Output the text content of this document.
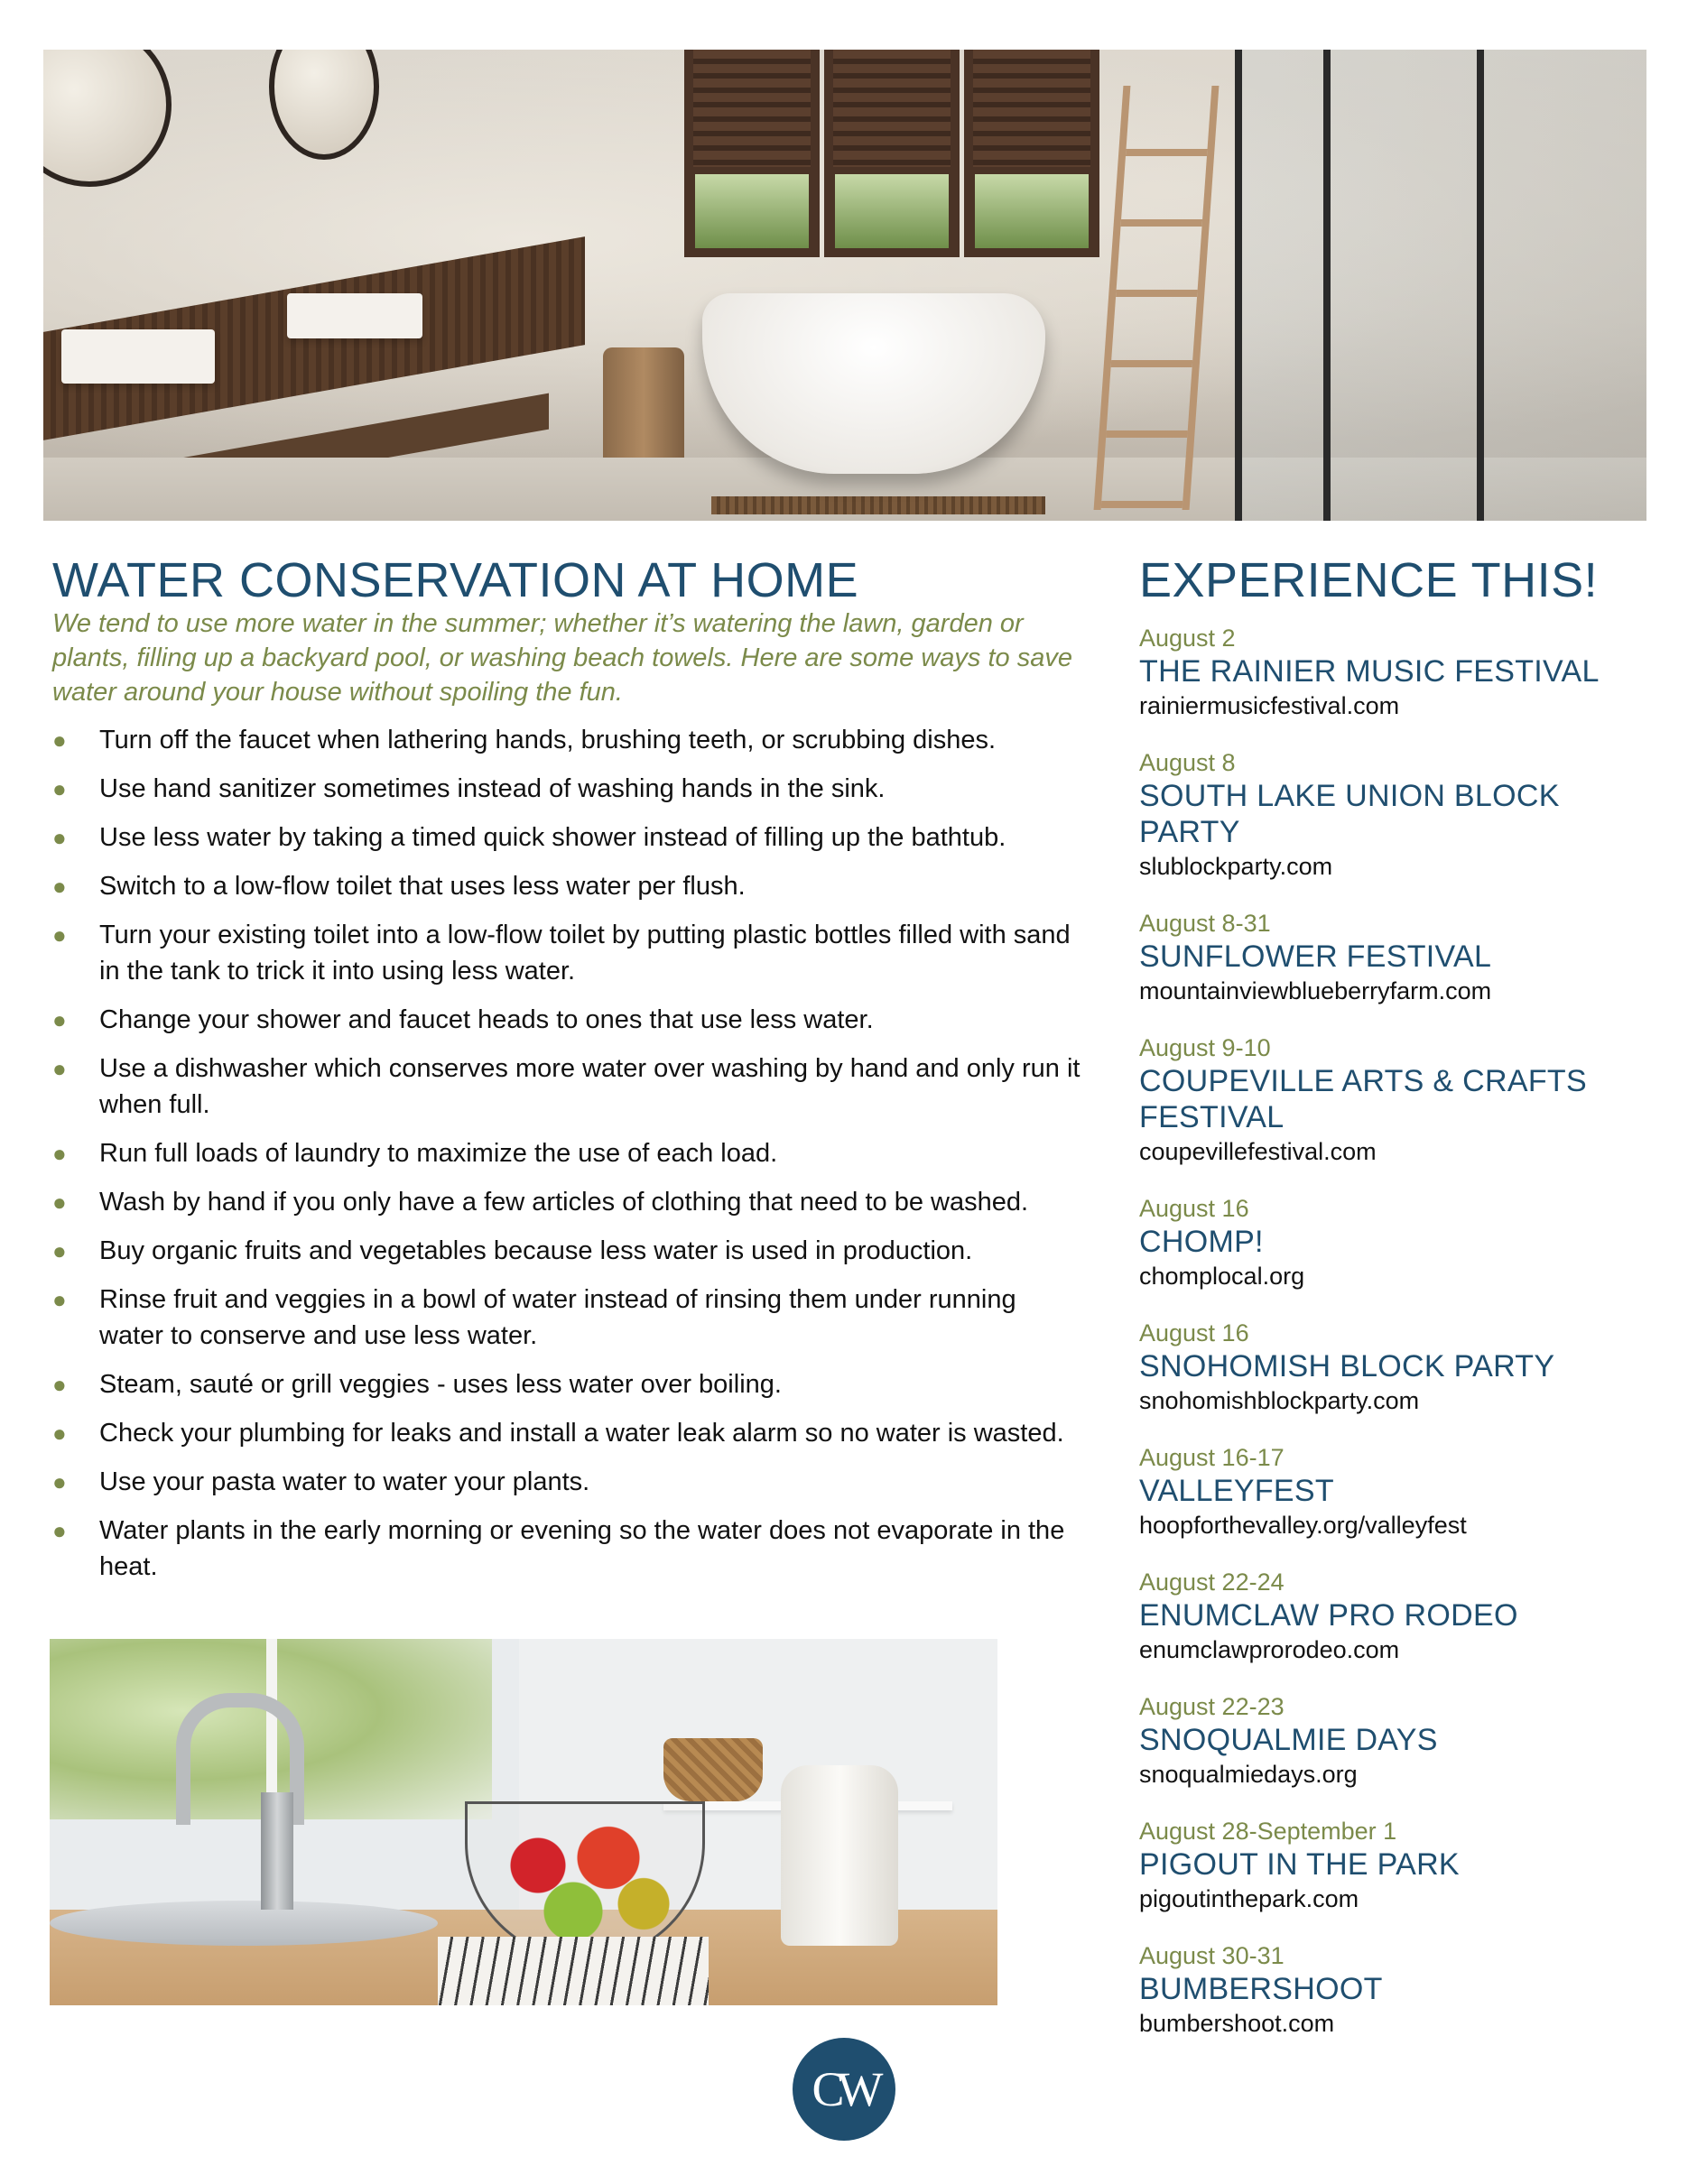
WATER CONSERVATION AT HOME

We tend to use more water in the summer; whether it’s watering the lawn, garden or plants, filling up a backyard pool, or washing beach towels. Here are some ways to save water around your house without spoiling the fun.

● Turn off the faucet when lathering hands, brushing teeth, or scrubbing dishes.
● Use hand sanitizer sometimes instead of washing hands in the sink.
● Use less water by taking a timed quick shower instead of filling up the bathtub.
● Switch to a low-flow toilet that uses less water per flush.
● Turn your existing toilet into a low-flow toilet by putting plastic bottles filled with sand in the tank to trick it into using less water.
● Change your shower and faucet heads to ones that use less water.
● Use a dishwasher which conserves more water over washing by hand and only run it when full.
● Run full loads of laundry to maximize the use of each load.
● Wash by hand if you only have a few articles of clothing that need to be washed.
● Buy organic fruits and vegetables because less water is used in production.
● Rinse fruit and veggies in a bowl of water instead of rinsing them under running water to conserve and use less water.
● Steam, sauté or grill veggies - uses less water over boiling.
● Check your plumbing for leaks and install a water leak alarm so no water is wasted.
● Use your pasta water to water your plants.
● Water plants in the early morning or evening so the water does not evaporate in the heat.
EXPERIENCE THIS!
August 2
THE RAINIER MUSIC FESTIVAL
rainiermusicfestival.com
August 8
SOUTH LAKE UNION BLOCK PARTY
slublockparty.com
August 8-31
SUNFLOWER FESTIVAL
mountainviewblueberryfarm.com
August 9-10
COUPEVILLE ARTS & CRAFTS FESTIVAL
coupevillefestival.com
August 16
CHOMP!
chomplocal.org
August 16
SNOHOMISH BLOCK PARTY
snohomishblockparty.com
August 16-17
VALLEYFEST
hoopforthevalley.org/valleyfest
August 22-24
ENUMCLAW PRO RODEO
enumclawprorodeo.com
August 22-23
SNOQUALMIE DAYS
snoqualmiedays.org
August 28-September 1
PIGOUT IN THE PARK
pigoutinthepark.com
August 30-31
BUMBERSHOOT
bumbershoot.com
CW
